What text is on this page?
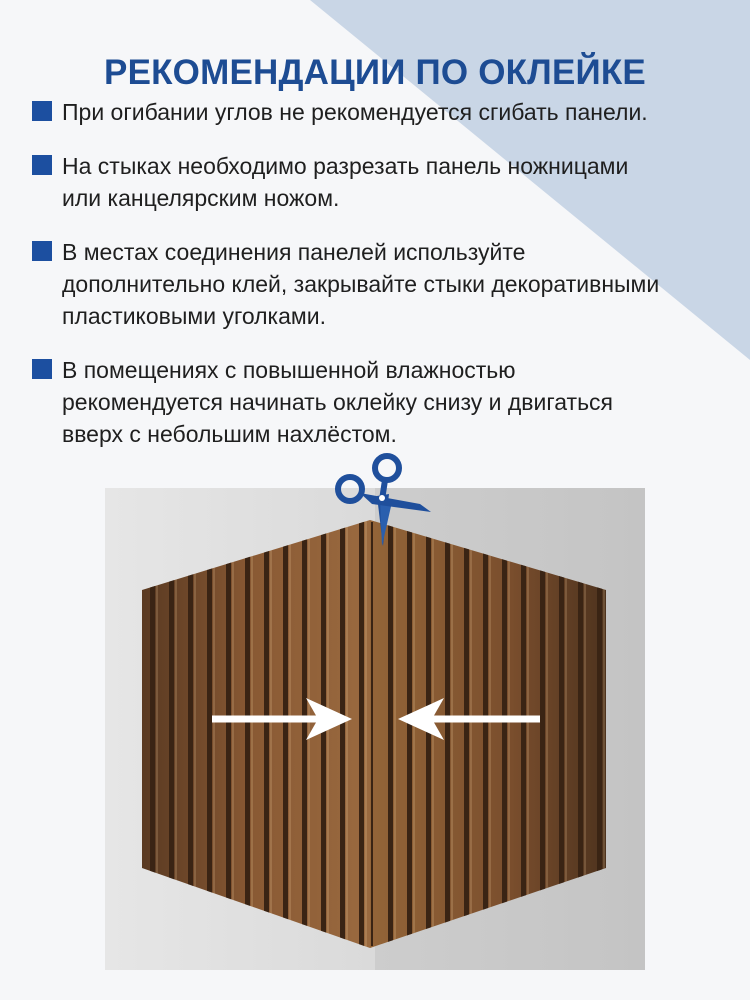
РЕКОМЕНДАЦИИ ПО ОКЛЕЙКЕ
При огибании углов не рекомендуется сгибать панели.
На стыках необходимо разрезать панель ножницами
или канцелярским ножом.
В местах соединения панелей используйте
дополнительно клей, закрывайте стыки декоративными
пластиковыми уголками.
В помещениях с повышенной влажностью
рекомендуется начинать оклейку снизу и двигаться
вверх с небольшим нахлёстом.
